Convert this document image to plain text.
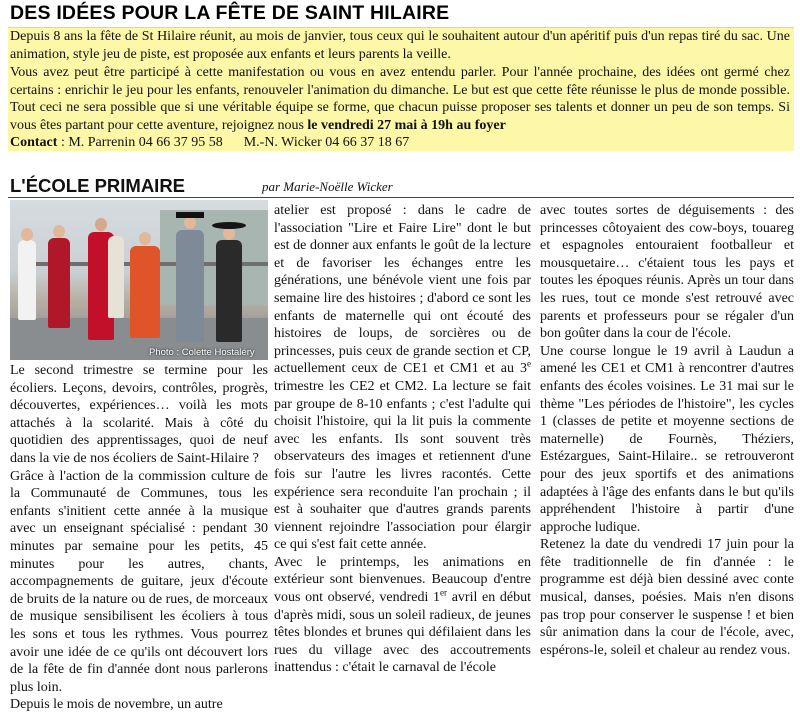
DES IDÉES POUR LA FÊTE DE SAINT HILAIRE

Depuis 8 ans la fête de St Hilaire réunit, au mois de janvier, tous ceux qui le souhaitent autour d'un apéritif puis d'un repas tiré du sac. Une animation, style jeu de piste, est proposée aux enfants et leurs parents la veille.

Vous avez peut être participé à cette manifestation ou vous en avez entendu parler. Pour l'année prochaine, des idées ont germé chez certains : enrichir le jeu pour les enfants, renouveler l'animation du dimanche. Le but est que cette fête réunisse le plus de monde possible. Tout ceci ne sera possible que si une véritable équipe se forme, que chacun puisse proposer ses talents et donner un peu de son temps. Si vous êtes partant pour cette aventure, rejoignez nous le vendredi 27 mai à 19h au foyer

Contact : M. Parrenin 04 66 37 95 58      M.-N. Wicker 04 66 37 18 67

L'ÉCOLE PRIMAIRE	par Marie-Noëlle Wicker
Photo : Colette Hostaléry

Le second trimestre se termine pour les écoliers. Leçons, devoirs, contrôles, progrès, découvertes, expériences… voilà les mots attachés à la scolarité. Mais à côté du quotidien des apprentissages, quoi de neuf dans la vie de nos écoliers de Saint-Hilaire ?

Grâce à l'action de la commission culture de la Communauté de Communes, tous les enfants s'initient cette année à la musique avec un enseignant spécialisé : pendant 30 minutes par semaine pour les petits, 45 minutes pour les autres, chants, accompagnements de guitare, jeux d'écoute de bruits de la nature ou de rues, de morceaux de musique sensibilisent les écoliers à tous les sons et tous les rythmes. Vous pourrez avoir une idée de ce qu'ils ont découvert lors de la fête de fin d'année dont nous parlerons plus loin.

Depuis le mois de novembre, un autre

atelier est proposé : dans le cadre de l'association "Lire et Faire Lire" dont le but est de donner aux enfants le goût de la lecture et de favoriser les échanges entre les générations, une bénévole vient une fois par semaine lire des histoires ; d'abord ce sont les enfants de maternelle qui ont écouté des histoires de loups, de sorcières ou de princesses, puis ceux de grande section et CP, actuellement ceux de CE1 et CM1 et au 3e trimestre les CE2 et CM2. La lecture se fait par groupe de 8-10 enfants ; c'est l'adulte qui choisit l'histoire, qui la lit puis la commente avec les enfants. Ils sont souvent très observateurs des images et retiennent d'une fois sur l'autre les livres racontés. Cette expérience sera reconduite l'an prochain ; il est à souhaiter que d'autres grands parents viennent rejoindre l'association pour élargir ce qui s'est fait cette année.

Avec le printemps, les animations en extérieur sont bienvenues. Beaucoup d'entre vous ont observé, vendredi 1er avril en début d'après midi, sous un soleil radieux, de jeunes têtes blondes et brunes qui défilaient dans les rues du village avec des accoutrements inattendus : c'était le carnaval de l'école

avec toutes sortes de déguisements : des princesses côtoyaient des cow-boys, touareg et espagnoles entouraient footballeur et mousquetaire… c'étaient tous les pays et toutes les époques réunis. Après un tour dans les rues, tout ce monde s'est retrouvé avec parents et professeurs pour se régaler d'un bon goûter dans la cour de l'école.

Une course longue le 19 avril à Laudun a amené les CE1 et CM1 à rencontrer d'autres enfants des écoles voisines. Le 31 mai sur le thème "Les périodes de l'histoire", les cycles 1 (classes de petite et moyenne sections de maternelle) de Fournès, Théziers, Estézargues, Saint-Hilaire.. se retrouveront pour des jeux sportifs et des animations adaptées à l'âge des enfants dans le but qu'ils appréhendent l'histoire à partir d'une approche ludique.

Retenez la date du vendredi 17 juin pour la fête traditionnelle de fin d'année : le programme est déjà bien dessiné avec conte musical, danses, poésies. Mais n'en disons pas trop pour conserver le suspense ! et bien sûr animation dans la cour de l'école, avec, espérons-le, soleil et chaleur au rendez vous.
